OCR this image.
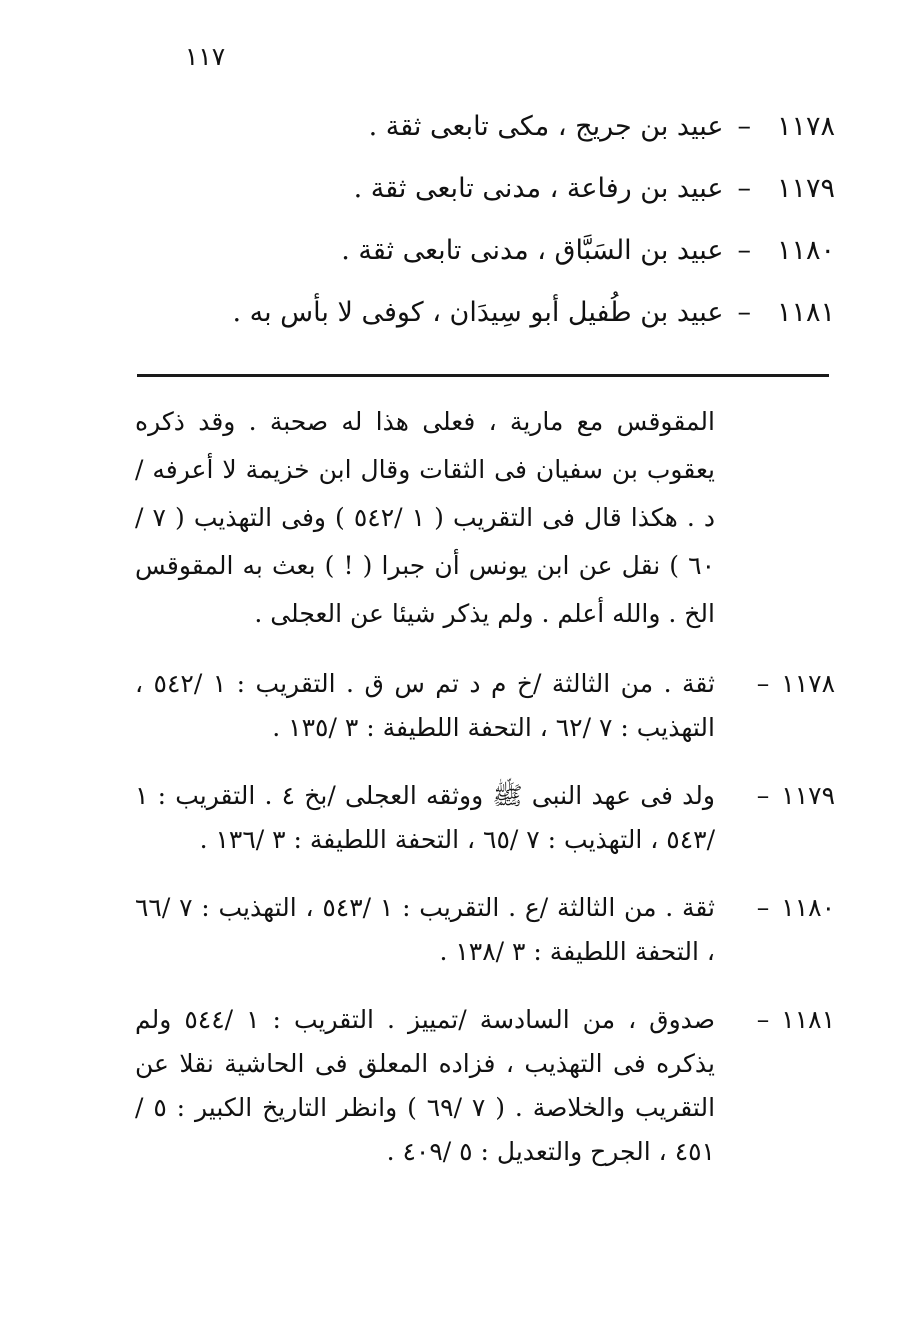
١١٧
١١٧٨–عبيد بن جريج ، مكى تابعى ثقة .
١١٧٩–عبيد بن رفاعة ، مدنى تابعى ثقة .
١١٨٠–عبيد بن السَبَّاق ، مدنى تابعى ثقة .
١١٨١–عبيد بن طُفيل أبو سِيدَان ، كوفى لا بأس به .
المقوقس مع مارية ، فعلى هذا له صحبة . وقد ذكره يعقوب بن سفيان فى الثقات وقال ابن خزيمة لا أعرفه /د . هكذا قال فى التقريب ( ١ /٥٤٢ ) وفى التهذيب ( ٧ /٦٠ ) نقل عن ابن يونس أن جبرا ( ! ) بعث به المقوقس الخ . والله أعلم . ولم يذكر شيئا عن العجلى .
١١٧٨–
ثقة . من الثالثة /خ م د تم س ق . التقريب : ١ /٥٤٢ ، التهذيب : ٧ /٦٢ ، التحفة اللطيفة : ٣ /١٣٥ .
١١٧٩–
ولد فى عهد النبى ﷺ ووثقه العجلى /بخ ٤ . التقريب : ١ /٥٤٣ ، التهذيب : ٧ /٦٥ ، التحفة اللطيفة : ٣ /١٣٦ .
١١٨٠–
ثقة . من الثالثة /ع . التقريب : ١ /٥٤٣ ، التهذيب : ٧ /٦٦ ، التحفة اللطيفة : ٣ /١٣٨ .
١١٨١–
صدوق ، من السادسة /تمييز . التقريب : ١ /٥٤٤ ولم يذكره فى التهذيب ، فزاده المعلق فى الحاشية نقلا عن التقريب والخلاصة . ( ٧ /٦٩ ) وانظر التاريخ الكبير : ٥ /٤٥١ ، الجرح والتعديل : ٥ /٤٠٩ .
